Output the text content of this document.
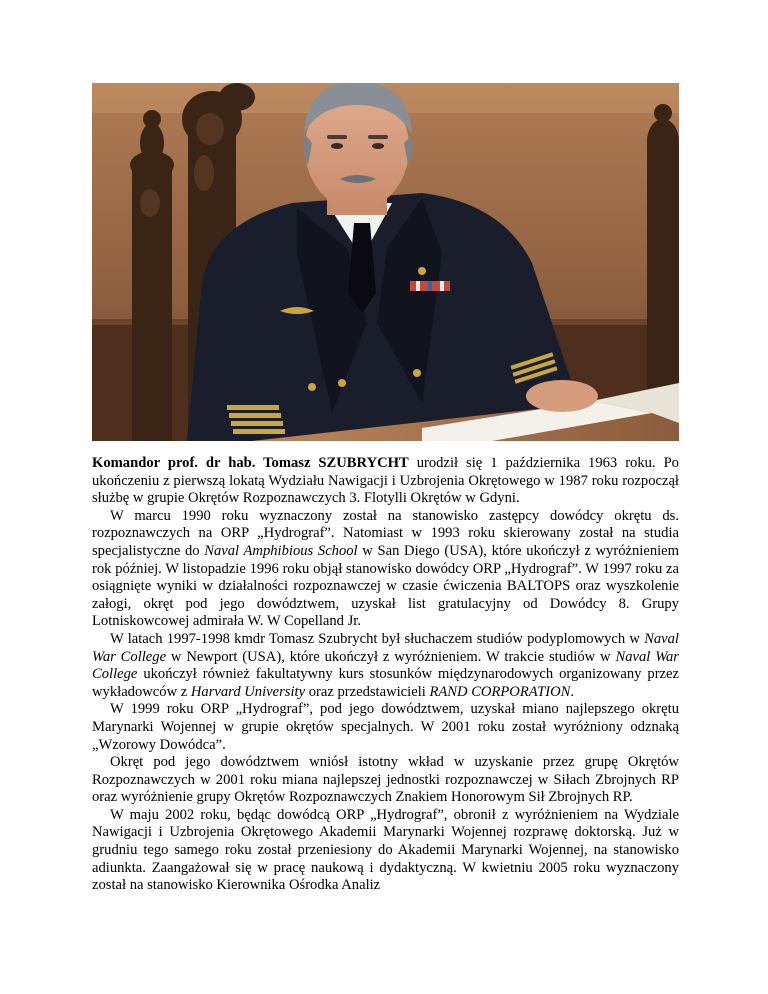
Komandor prof. dr hab. Tomasz SZUBRYCHT urodził się 1 października 1963 roku. Po ukończeniu z pierwszą lokatą Wydziału Nawigacji i Uzbrojenia Okrętowego w 1987 roku rozpoczął służbę w grupie Okrętów Rozpoznawczych 3. Flotylli Okrętów w Gdyni.

W marcu 1990 roku wyznaczony został na stanowisko zastępcy dowódcy okrętu ds. rozpoznawczych na ORP „Hydrograf”. Natomiast w 1993 roku skierowany został na studia specjalistyczne do Naval Amphibious School w San Diego (USA), które ukończył z wyróżnieniem rok później. W listopadzie 1996 roku objął stanowisko dowódcy ORP „Hydrograf”. W 1997 roku za osiągnięte wyniki w działalności rozpoznawczej w czasie ćwiczenia BALTOPS oraz wyszkolenie załogi, okręt pod jego dowództwem, uzyskał list gratulacyjny od Dowódcy 8. Grupy Lotniskowcowej admirała W. W Copelland Jr.

W latach 1997-1998 kmdr Tomasz Szubrycht był słuchaczem studiów podyplomowych w Naval War College w Newport (USA), które ukończył z wyróżnieniem. W trakcie studiów w Naval War College ukończył również fakultatywny kurs stosunków międzynarodowych organizowany przez wykładowców z Harvard University oraz przedstawicieli RAND CORPORATION.

W 1999 roku ORP „Hydrograf”, pod jego dowództwem, uzyskał miano najlepszego okrętu Marynarki Wojennej w grupie okrętów specjalnych. W 2001 roku został wyróżniony odznaką „Wzorowy Dowódca”.

Okręt pod jego dowództwem wniósł istotny wkład w uzyskanie przez grupę Okrętów Rozpoznawczych w 2001 roku miana najlepszej jednostki rozpoznawczej w Siłach Zbrojnych RP oraz wyróżnienie grupy Okrętów Rozpoznawczych Znakiem Honorowym Sił Zbrojnych RP.

W maju 2002 roku, będąc dowódcą ORP „Hydrograf”, obronił z wyróżnieniem na Wydziale Nawigacji i Uzbrojenia Okrętowego Akademii Marynarki Wojennej rozprawę doktorską. Już w grudniu tego samego roku został przeniesiony do Akademii Marynarki Wojennej, na stanowisko adiunkta. Zaangażował się w pracę naukową i dydaktyczną. W kwietniu 2005 roku wyznaczony został na stanowisko Kierownika Ośrodka Analiz
